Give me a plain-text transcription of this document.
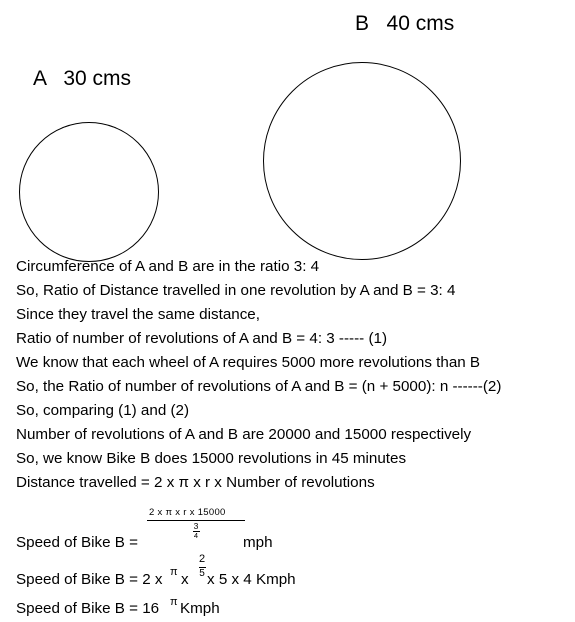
A   30 cms
B   40 cms
Circumference of A and B are in the ratio 3: 4
So, Ratio of Distance travelled in one revolution by A and B = 3: 4
Since they travel the same distance,
Ratio of number of revolutions of A and B = 4: 3 ----- (1)
We know that each wheel of A requires 5000 more revolutions than B
So, the Ratio of number of revolutions of A and B = (n + 5000): n ------(2)
So, comparing (1) and (2)
Number of revolutions of A and B are 20000 and 15000 respectively
So, we know Bike B does 15000 revolutions in 45 minutes
Distance travelled = 2 x π x r x Number of revolutions
2 x π x r x 15000
3
4
Speed of Bike B =	mph
Speed of Bike B = 2 x π x
2
5 x 5 x 4 Kmph
Speed of Bike B = 16 π Kmph
